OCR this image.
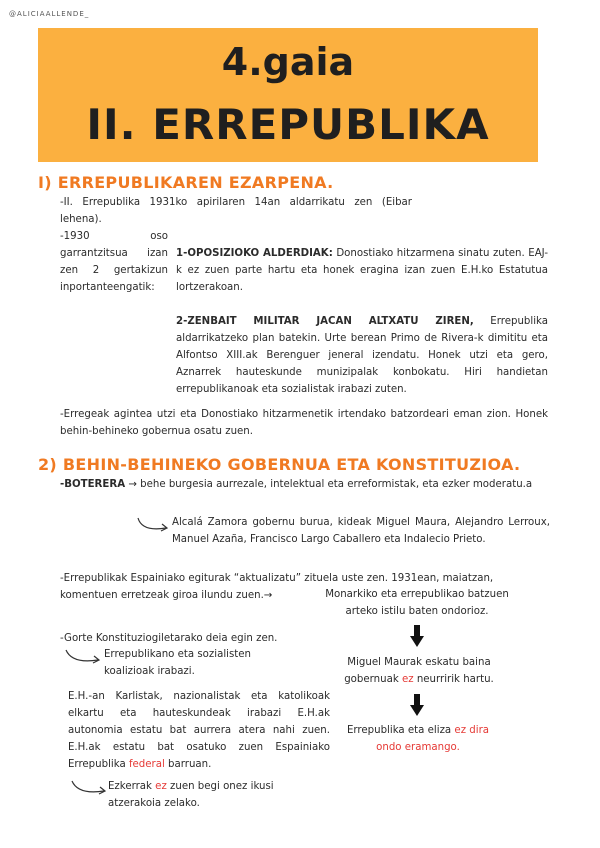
@ALICIAALLENDE_
4.gaia
II. ERREPUBLIKA
I) ERREPUBLIKAREN EZARPENA.
-II. Errepublika 1931ko apirilaren 14an aldarrikatu zen (Eibar lehena).
-1930 oso garrantzitsua izan zen 2 gertakizun inportanteengatik:
1-OPOSIZIOKO ALDERDIAK: Donostiako hitzarmena sinatu zuten. EAJ-k ez zuen parte hartu eta honek eragina izan zuen E.H.ko Estatutua lortzerakoan.
2-ZENBAIT MILITAR JACAN ALTXATU ZIREN, Errepublika aldarrikatzeko plan batekin. Urte berean Primo de Rivera-k dimititu eta Alfontso XIII.ak Berenguer jeneral izendatu. Honek utzi eta gero, Aznarrek hauteskunde munizipalak konbokatu. Hiri handietan errepublikanoak eta sozialistak irabazi zuten.
-Erregeak agintea utzi eta Donostiako hitzarmenetik irtendako batzordeari eman zion. Honek behin-behineko gobernua osatu zuen.
2) BEHIN-BEHINEKO GOBERNUA ETA KONSTITUZIOA.
-BOTERERA → behe burgesia aurrezale, intelektual eta erreformistak, eta ezker moderatu.a
Alcalá Zamora gobernu burua, kideak Miguel Maura, Alejandro Lerroux, Manuel Azaña, Francisco Largo Caballero eta Indalecio Prieto.
-Errepublikak Espainiako egiturak “aktualizatu” zituela uste zen. 1931ean, maiatzan, komentuen erretzeak giroa ilundu zuen.→	Monarkiko eta errepublikao batzuen arteko istilu baten ondorioz.
-Gorte Konstituziogiletarako deia egin zen.
Errepublikano eta sozialisten koalizioak irabazi.
Miguel Maurak eskatu baina gobernuak ez neurririk hartu.
E.H.-an Karlistak, nazionalistak eta katolikoak elkartu eta hauteskundeak irabazi E.H.ak autonomia estatu bat aurrera atera nahi zuen. E.H.ak estatu bat osatuko zuen Espainiako Errepublika federal barruan.
Errepublika eta eliza ez dira ondo eramango.
Ezkerrak ez zuen begi onez ikusi atzerakoia zelako.
